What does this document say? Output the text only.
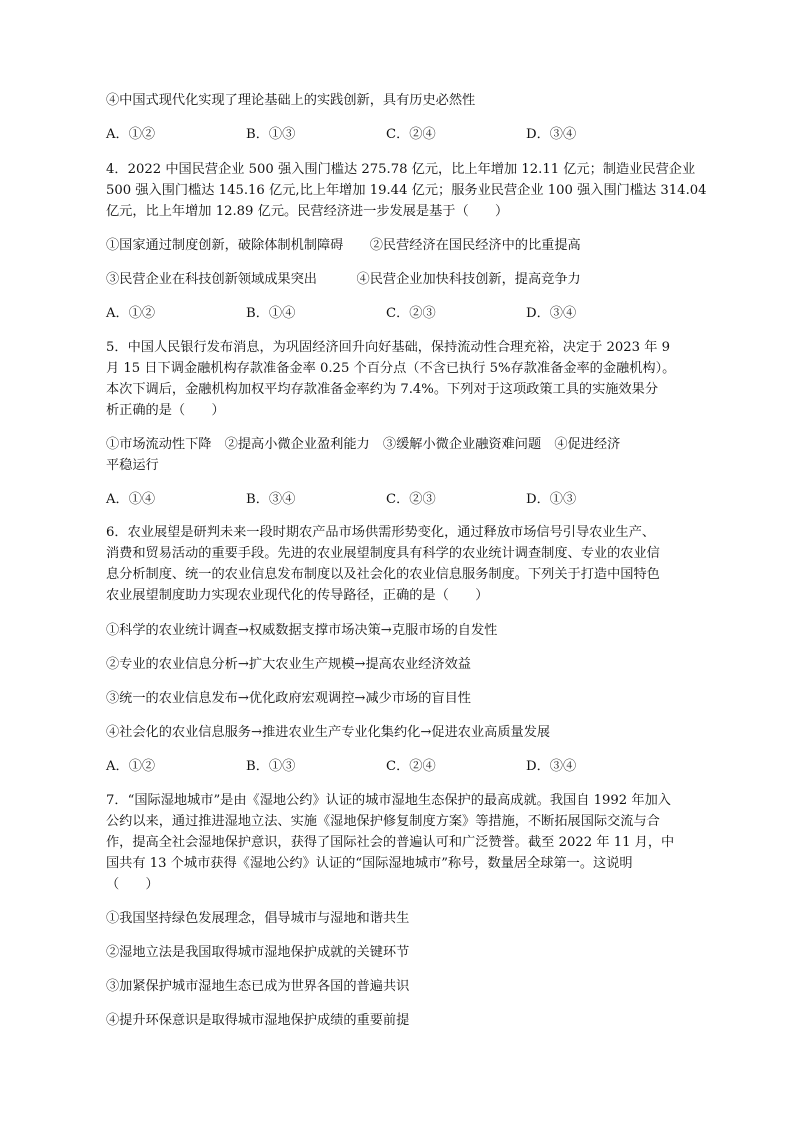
④中国式现代化实现了理论基础上的实践创新，具有历史必然性
A．①②	B．①③	C．②④	D．③④
4．2022 中国民营企业 500 强入围门槛达 275.78 亿元，比上年增加 12.11 亿元；制造业民营企业
500 强入围门槛达 145.16 亿元,比上年增加 19.44 亿元；服务业民营企业 100 强入围门槛达 314.04
亿元，比上年增加 12.89 亿元。民营经济进一步发展是基于（　　）
①国家通过制度创新，破除体制机制障碍　　②民营经济在国民经济中的比重提高
③民营企业在科技创新领域成果突出　　　④民营企业加快科技创新，提高竞争力
A．①②	B．①④	C．②③	D．③④
5．中国人民银行发布消息，为巩固经济回升向好基础，保持流动性合理充裕，决定于 2023 年 9
月 15 日下调金融机构存款准备金率 0.25 个百分点（不含已执行 5%存款准备金率的金融机构）。
本次下调后，金融机构加权平均存款准备金率约为 7.4%。下列对于这项政策工具的实施效果分
析正确的是（　　）
①市场流动性下降　②提高小微企业盈利能力　③缓解小微企业融资难问题　④促进经济
平稳运行
A．①④	B．③④	C．②③	D．①③
6．农业展望是研判未来一段时期农产品市场供需形势变化，通过释放市场信号引导农业生产、
消费和贸易活动的重要手段。先进的农业展望制度具有科学的农业统计调查制度、专业的农业信
息分析制度、统一的农业信息发布制度以及社会化的农业信息服务制度。下列关于打造中国特色
农业展望制度助力实现农业现代化的传导路径，正确的是（　　）
①科学的农业统计调查→权威数据支撑市场决策→克服市场的自发性
②专业的农业信息分析→扩大农业生产规模→提高农业经济效益
③统一的农业信息发布→优化政府宏观调控→减少市场的盲目性
④社会化的农业信息服务→推进农业生产专业化集约化→促进农业高质量发展
A．①②	B．①③	C．②④	D．③④
7．“国际湿地城市”是由《湿地公约》认证的城市湿地生态保护的最高成就。我国自 1992 年加入
公约以来，通过推进湿地立法、实施《湿地保护修复制度方案》等措施，不断拓展国际交流与合
作，提高全社会湿地保护意识，获得了国际社会的普遍认可和广泛赞誉。截至 2022 年 11 月，中
国共有 13 个城市获得《湿地公约》认证的“国际湿地城市”称号，数量居全球第一。这说明
（　　）
①我国坚持绿色发展理念，倡导城市与湿地和谐共生
②湿地立法是我国取得城市湿地保护成就的关键环节
③加紧保护城市湿地生态已成为世界各国的普遍共识
④提升环保意识是取得城市湿地保护成绩的重要前提
